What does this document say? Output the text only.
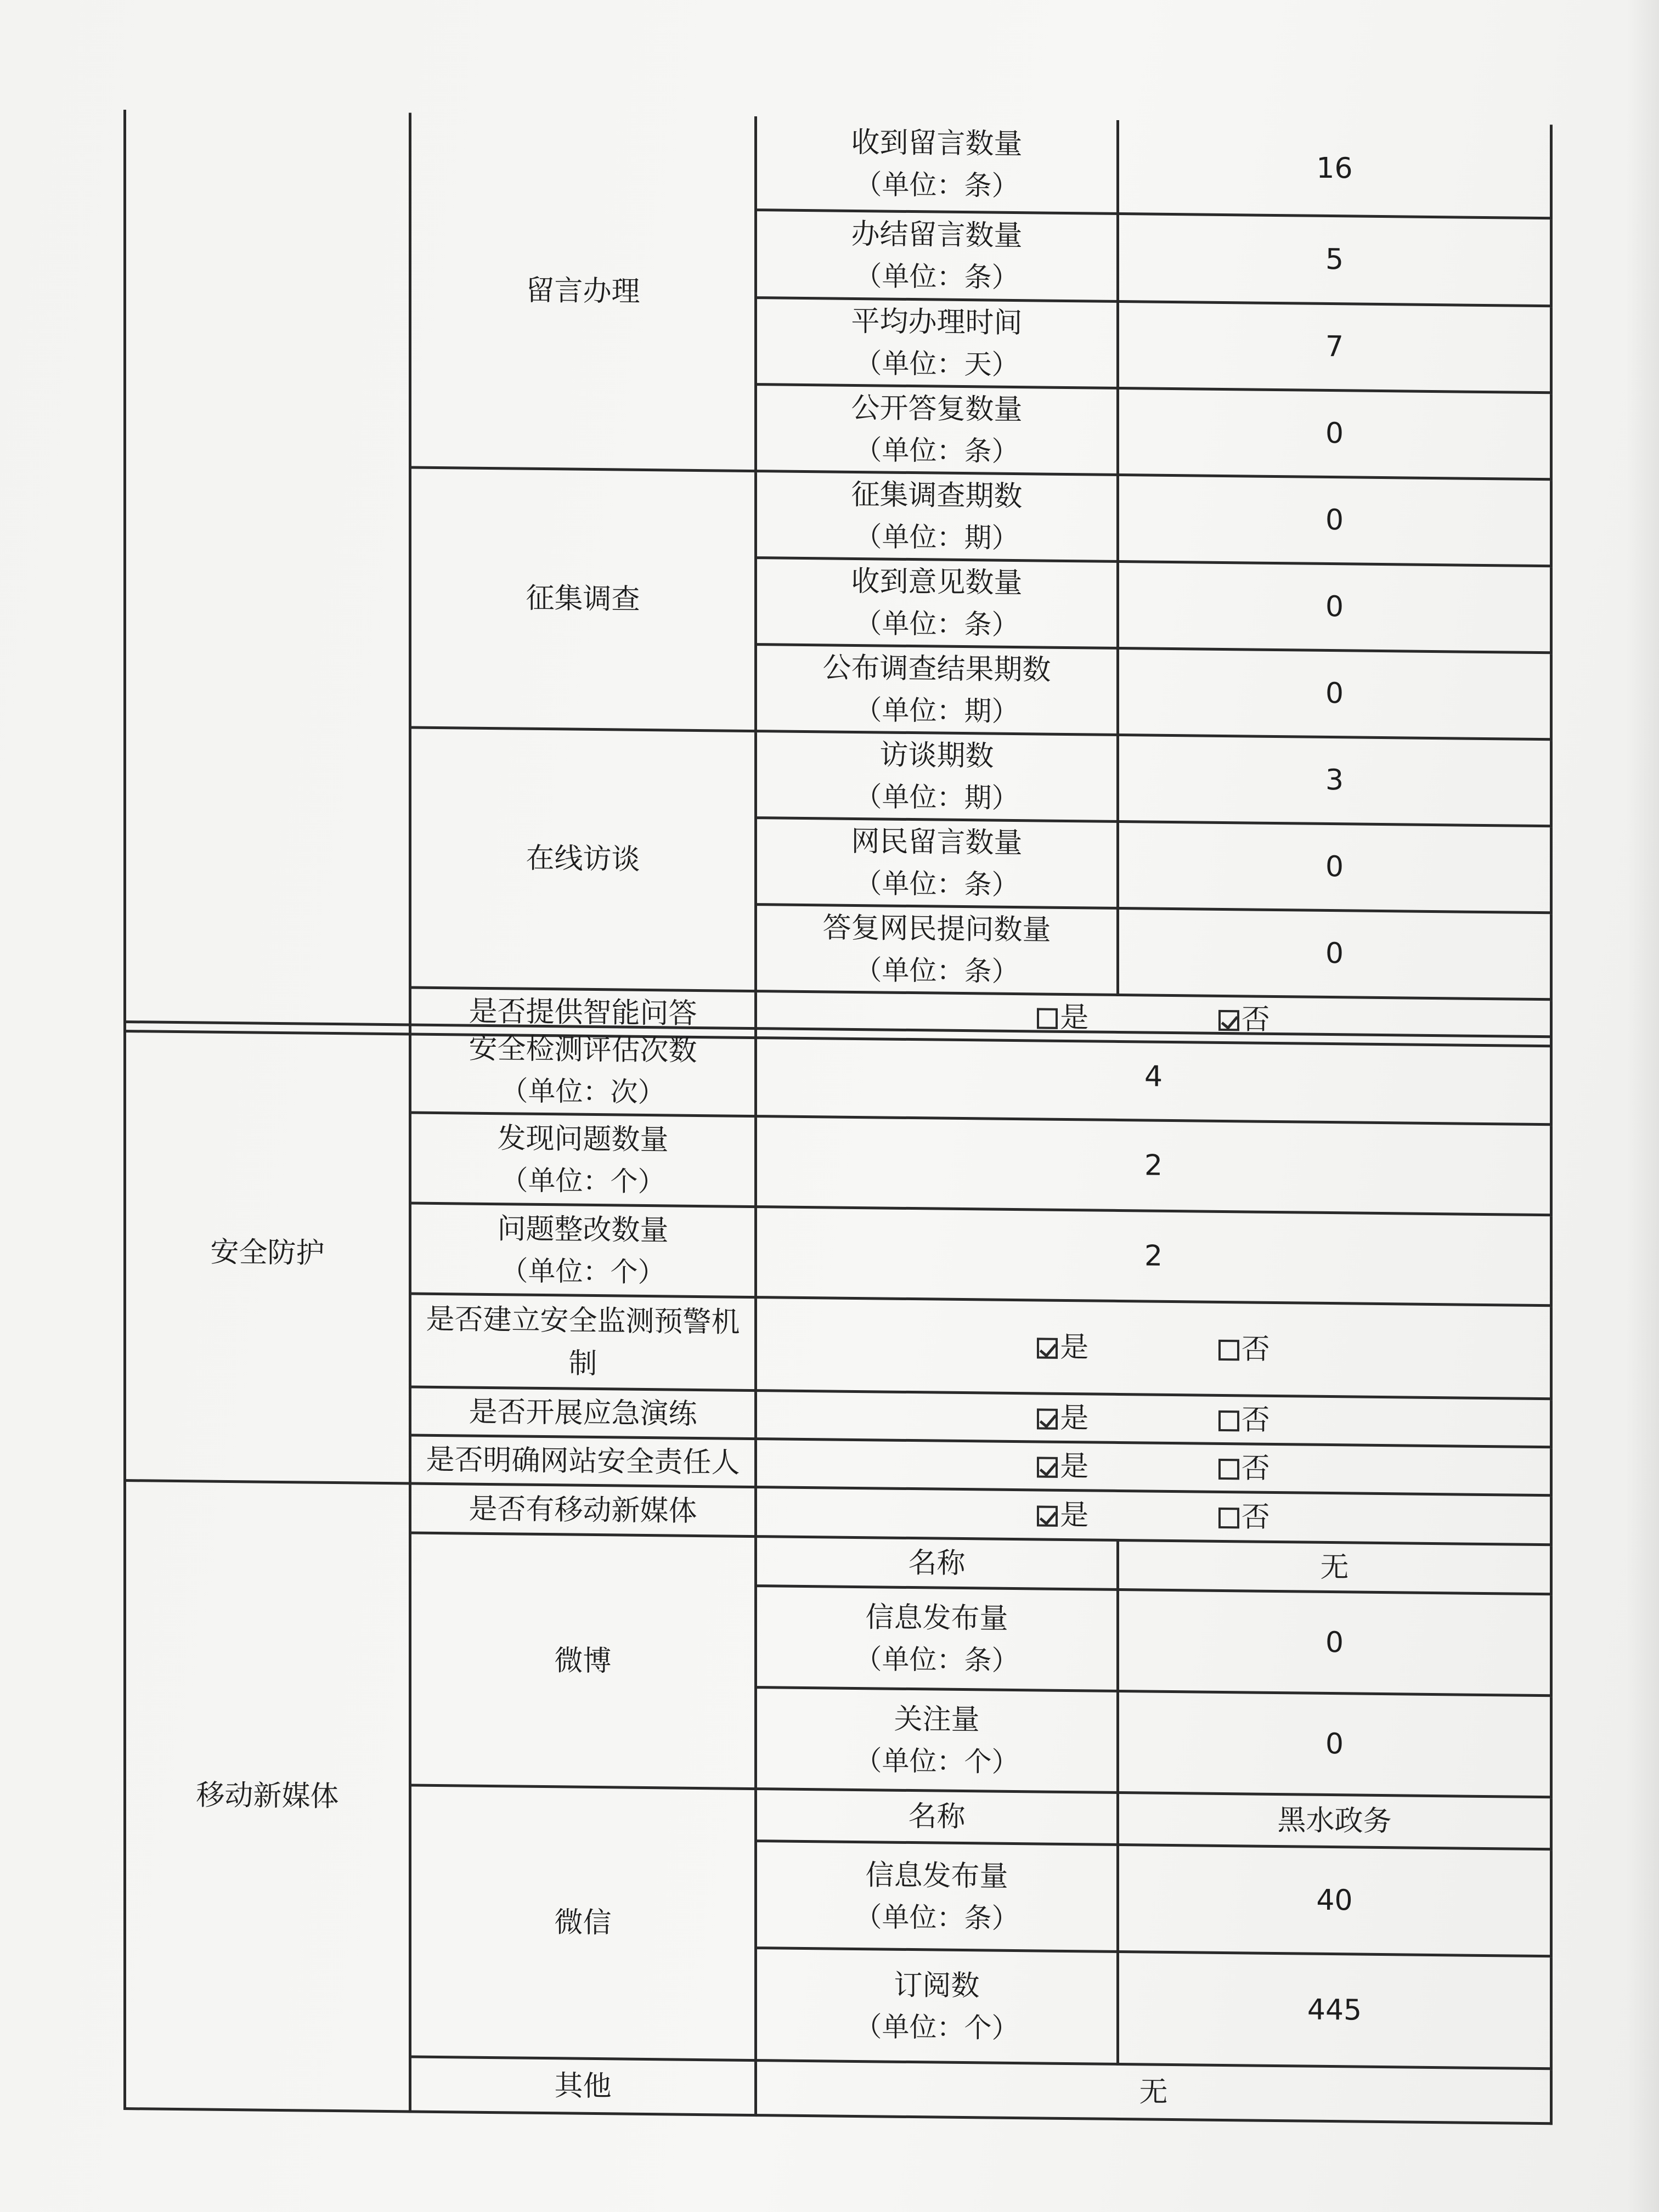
	留言办理	收到留言数量
（单位：条）	16
		办结留言数量
（单位：条）	5
		平均办理时间
（单位：天）	7
		公开答复数量
（单位：条）	0
	征集调查	征集调查期数
（单位：期）	0
		收到意见数量
（单位：条）	0
		公布调查结果期数
（单位：期）	0
	在线访谈	访谈期数
（单位：期）	3
		网民留言数量
（单位：条）	0
		答复网民提问数量
（单位：条）	0
	是否提供智能问答	是 否	
安全防护	安全检测评估次数
（单位：次）	4	
	发现问题数量
（单位：个）	2	
	问题整改数量
（单位：个）	2	
	是否建立安全监测预警机制	是 否	
	是否开展应急演练	是 否	
	是否明确网站安全责任人	是 否	
移动新媒体	是否有移动新媒体	是 否	
	微博	名称	无
		信息发布量
（单位：条）	0
		关注量
（单位：个）	0
	微信	名称	黑水政务
		信息发布量
（单位：条）	40
		订阅数
（单位：个）	445
	其他	无	
